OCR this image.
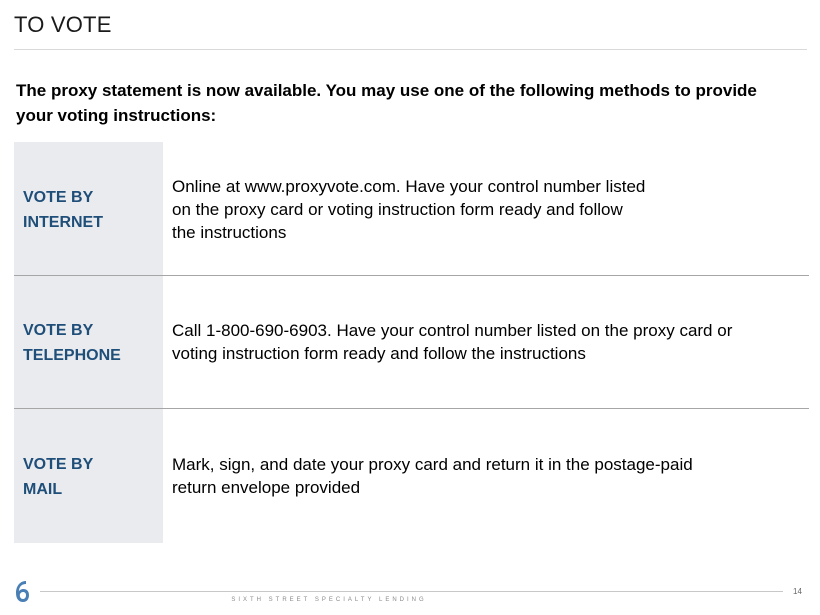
TO VOTE
The proxy statement is now available. You may use one of the following methods to provide your voting instructions:
VOTE BY
INTERNET
Online at www.proxyvote.com. Have your control number listed
on the proxy card or voting instruction form ready and follow
the instructions
VOTE BY
TELEPHONE
Call 1-800-690-6903. Have your control number listed on the proxy card or
voting instruction form ready and follow the instructions
VOTE BY
MAIL
Mark, sign, and date your proxy card and return it in the postage-paid
return envelope provided
SIXTH STREET SPECIALTY LENDING
14
